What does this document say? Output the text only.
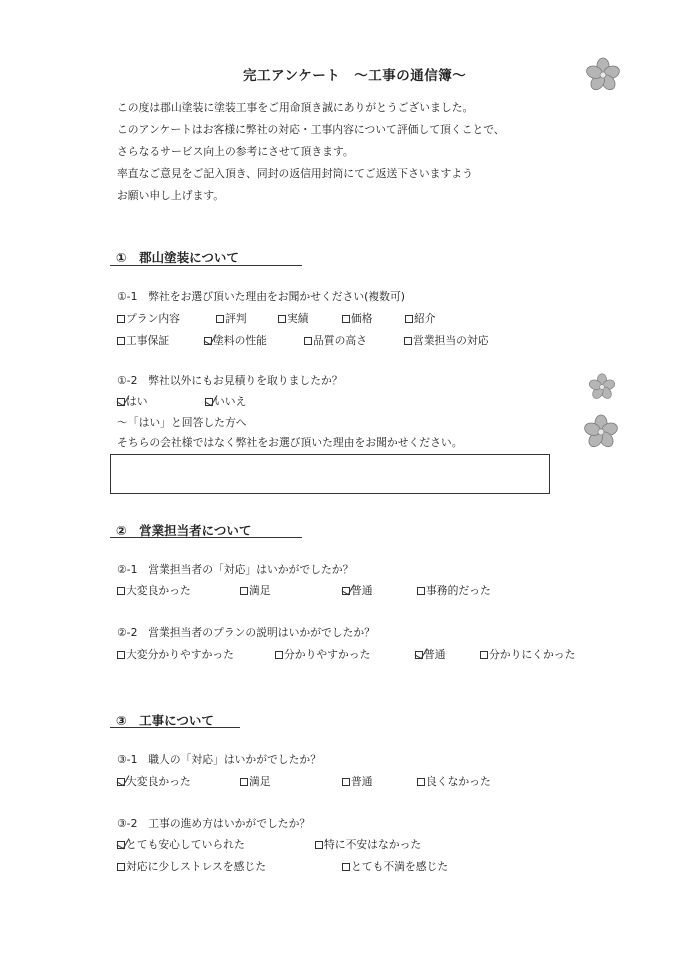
完工アンケート　～工事の通信簿～
この度は郡山塗装に塗装工事をご用命頂き誠にありがとうございました。
このアンケートはお客様に弊社の対応・工事内容について評価して頂くことで、
さらなるサービス向上の参考にさせて頂きます。
率直なご意見をご記入頂き、同封の返信用封筒にてご返送下さいますよう
お願い申し上げます。
①　郡山塗装について
①-1　弊社をお選び頂いた理由をお聞かせください(複数可)
プラン内容	評判	実績	価格	紹介
工事保証	塗料の性能	品質の高さ	営業担当の対応
①-2　弊社以外にもお見積りを取りましたか？
はい	いいえ
～「はい」と回答した方へ
そちらの会社様ではなく弊社をお選び頂いた理由をお聞かせください。
②　営業担当者について
②-1　営業担当者の「対応」はいかがでしたか？
大変良かった	満足	普通	事務的だった
②-2　営業担当者のプランの説明はいかがでしたか？
大変分かりやすかった	分かりやすかった	普通	分かりにくかった
③　工事について
③-1　職人の「対応」はいかがでしたか？
大変良かった	満足	普通	良くなかった
③-2　工事の進め方はいかがでしたか？
とても安心していられた	特に不安はなかった
対応に少しストレスを感じた	とても不満を感じた
